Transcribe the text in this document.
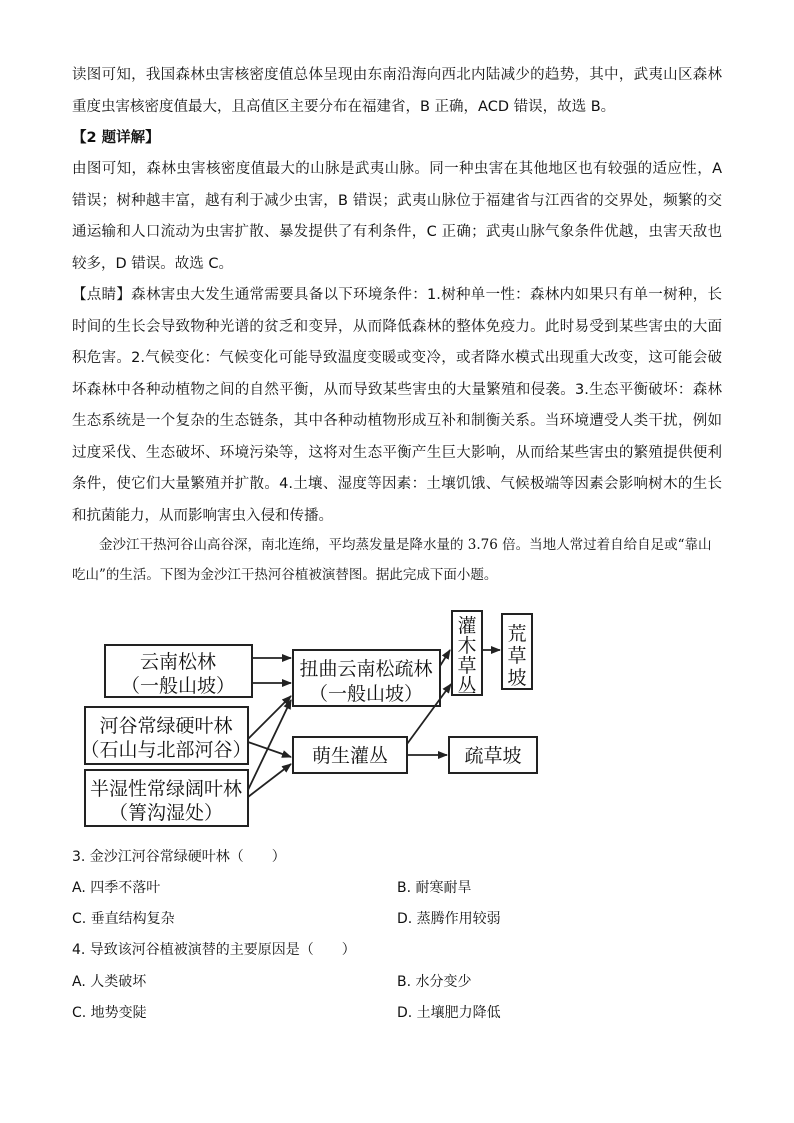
读图可知，我国森林虫害核密度值总体呈现由东南沿海向西北内陆减少的趋势，其中，武夷山区森林重度虫害核密度值最大，且高值区主要分布在福建省，B 正确，ACD 错误，故选 B。
【2 题详解】
由图可知，森林虫害核密度值最大的山脉是武夷山脉。同一种虫害在其他地区也有较强的适应性，A 错误；树种越丰富，越有利于减少虫害，B 错误；武夷山脉位于福建省与江西省的交界处，频繁的交通运输和人口流动为虫害扩散、暴发提供了有利条件，C 正确；武夷山脉气象条件优越，虫害天敌也较多，D 错误。故选 C。
【点睛】森林害虫大发生通常需要具备以下环境条件：1.树种单一性：森林内如果只有单一树种，长时间的生长会导致物种光谱的贫乏和变异，从而降低森林的整体免疫力。此时易受到某些害虫的大面积危害。2.气候变化：气候变化可能导致温度变暖或变冷，或者降水模式出现重大改变，这可能会破坏森林中各种动植物之间的自然平衡，从而导致某些害虫的大量繁殖和侵袭。3.生态平衡破坏：森林生态系统是一个复杂的生态链条，其中各种动植物形成互补和制衡关系。当环境遭受人类干扰，例如过度采伐、生态破坏、环境污染等，这将对生态平衡产生巨大影响，从而给某些害虫的繁殖提供便利条件，使它们大量繁殖并扩散。4.土壤、湿度等因素：土壤饥饿、气候极端等因素会影响树木的生长和抗菌能力，从而影响害虫入侵和传播。
金沙江干热河谷山高谷深，南北连绵，平均蒸发量是降水量的 3.76 倍。当地人常过着自给自足或“靠山吃山”的生活。下图为金沙江干热河谷植被演替图。据此完成下面小题。
云南松林
（一般山坡）
河谷常绿硬叶林
（石山与北部河谷）
半湿性常绿阔叶林
（箐沟湿处）
扭曲云南松疏林
（一般山坡）
萌生灌丛
灌
木
草
丛
荒
草
坡
疏草坡
3. 金沙江河谷常绿硬叶林（　　）
A. 四季不落叶	B. 耐寒耐旱
C. 垂直结构复杂	D. 蒸腾作用较弱
4. 导致该河谷植被演替的主要原因是（　　）
A. 人类破坏	B. 水分变少
C. 地势变陡	D. 土壤肥力降低
